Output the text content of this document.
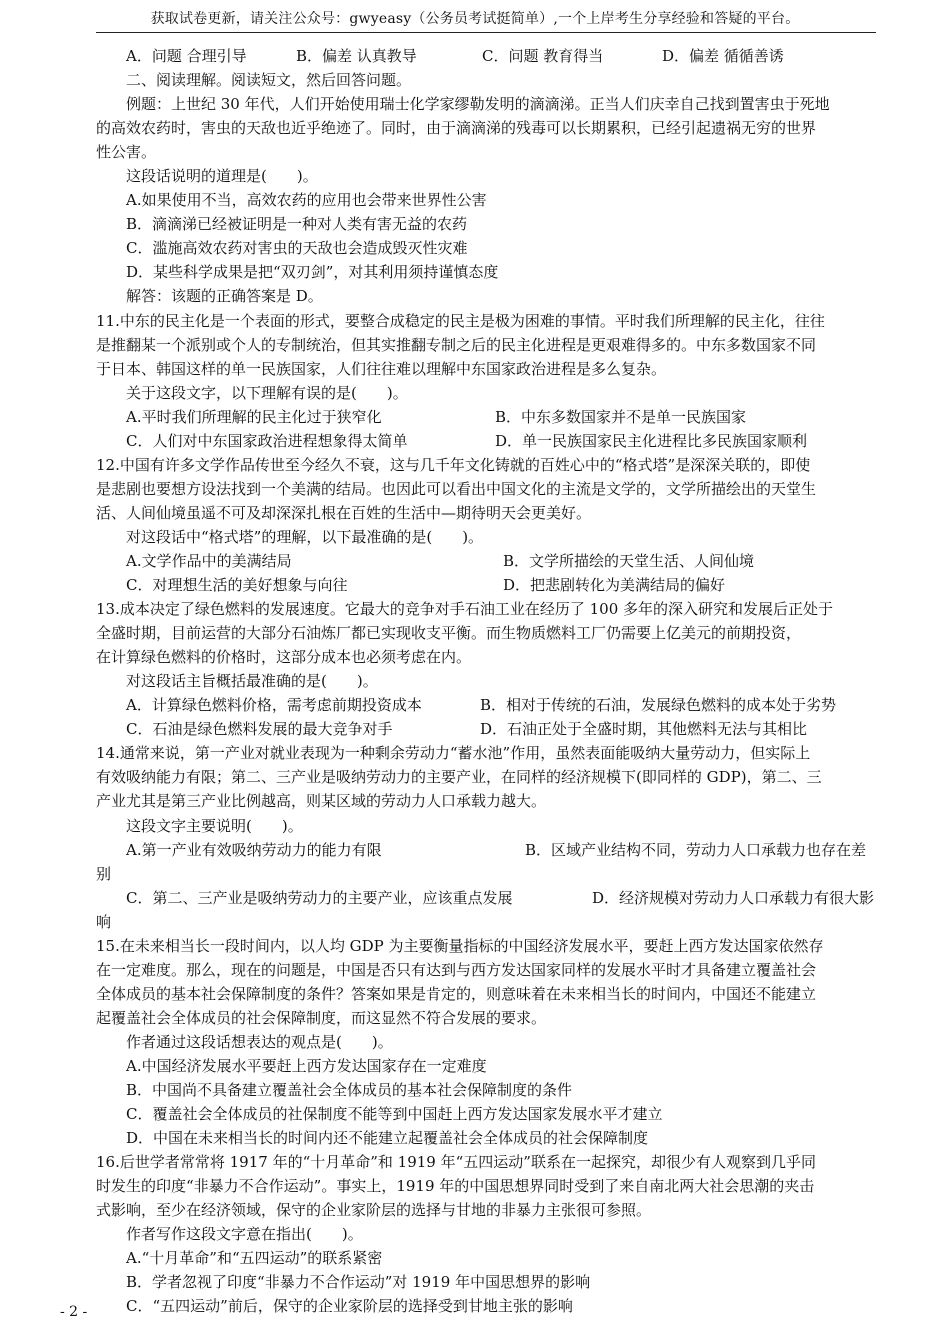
获取试卷更新，请关注公众号：gwyeasy（公务员考试挺简单）,一个上岸考生分享经验和答疑的平台。
A．问题 合理引导	B．偏差 认真教导	C．问题 教育得当	D．偏差 循循善诱

二、阅读理解。阅读短文，然后回答问题。

例题：上世纪 30 年代，人们开始使用瑞士化学家缪勒发明的滴滴涕。正当人们庆幸自己找到置害虫于死地

的高效农药时，害虫的天敌也近乎绝迹了。同时，由于滴滴涕的残毒可以长期累积，已经引起遗祸无穷的世界

性公害。

这段话说明的道理是(　　)。

A.如果使用不当，高效农药的应用也会带来世界性公害

B．滴滴涕已经被证明是一种对人类有害无益的农药

C．滥施高效农药对害虫的天敌也会造成毁灭性灾难

D．某些科学成果是把“双刃剑”，对其利用须持谨慎态度

解答：该题的正确答案是 D。

11.中东的民主化是一个表面的形式，要整合成稳定的民主是极为困难的事情。平时我们所理解的民主化，往往

是推翻某一个派别或个人的专制统治，但其实推翻专制之后的民主化进程是更艰难得多的。中东多数国家不同

于日本、韩国这样的单一民族国家，人们往往难以理解中东国家政治进程是多么复杂。

关于这段文字，以下理解有误的是(　　)。

A.平时我们所理解的民主化过于狭窄化	B．中东多数国家并不是单一民族国家
C．人们对中东国家政治进程想象得太简单	D．单一民族国家民主化进程比多民族国家顺利

12.中国有许多文学作品传世至今经久不衰，这与几千年文化铸就的百姓心中的“格式塔”是深深关联的，即使

是悲剧也要想方设法找到一个美满的结局。也因此可以看出中国文化的主流是文学的，文学所描绘出的天堂生

活、人间仙境虽遥不可及却深深扎根在百姓的生活中—期待明天会更美好。

对这段话中“格式塔”的理解，以下最准确的是(　　)。

A.文学作品中的美满结局	B．文学所描绘的天堂生活、人间仙境
C．对理想生活的美好想象与向往	D．把悲剧转化为美满结局的偏好

13.成本决定了绿色燃料的发展速度。它最大的竞争对手石油工业在经历了 100 多年的深入研究和发展后正处于

全盛时期，目前运营的大部分石油炼厂都已实现收支平衡。而生物质燃料工厂仍需要上亿美元的前期投资，

在计算绿色燃料的价格时，这部分成本也必须考虑在内。

对这段话主旨概括最准确的是(　　)。

A．计算绿色燃料价格，需考虑前期投资成本	B．相对于传统的石油，发展绿色燃料的成本处于劣势
C．石油是绿色燃料发展的最大竞争对手	D．石油正处于全盛时期，其他燃料无法与其相比

14.通常来说，第一产业对就业表现为一种剩余劳动力“蓄水池”作用，虽然表面能吸纳大量劳动力，但实际上

有效吸纳能力有限；第二、三产业是吸纳劳动力的主要产业，在同样的经济规模下(即同样的 GDP)，第二、三

产业尤其是第三产业比例越高，则某区域的劳动力人口承载力越大。

这段文字主要说明(　　)。

A.第一产业有效吸纳劳动力的能力有限	B．区域产业结构不同，劳动力人口承载力也存在差

别

C．第二、三产业是吸纳劳动力的主要产业，应该重点发展	D．经济规模对劳动力人口承载力有很大影

响

15.在未来相当长一段时间内，以人均 GDP 为主要衡量指标的中国经济发展水平，要赶上西方发达国家依然存

在一定难度。那么，现在的问题是，中国是否只有达到与西方发达国家同样的发展水平时才具备建立覆盖社会

全体成员的基本社会保障制度的条件？答案如果是肯定的，则意味着在未来相当长的时间内，中国还不能建立

起覆盖社会全体成员的社会保障制度，而这显然不符合发展的要求。

作者通过这段话想表达的观点是(　　)。

A.中国经济发展水平要赶上西方发达国家存在一定难度

B．中国尚不具备建立覆盖社会全体成员的基本社会保障制度的条件

C．覆盖社会全体成员的社保制度不能等到中国赶上西方发达国家发展水平才建立

D．中国在未来相当长的时间内还不能建立起覆盖社会全体成员的社会保障制度

16.后世学者常常将 1917 年的“十月革命”和 1919 年“五四运动”联系在一起探究，却很少有人观察到几乎同

时发生的印度“非暴力不合作运动”。事实上，1919 年的中国思想界同时受到了来自南北两大社会思潮的夹击

式影响，至少在经济领域，保守的企业家阶层的选择与甘地的非暴力主张很可参照。

作者写作这段文字意在指出(　　)。

A.“十月革命”和“五四运动”的联系紧密

B．学者忽视了印度“非暴力不合作运动”对 1919 年中国思想界的影响

C．“五四运动”前后，保守的企业家阶层的选择受到甘地主张的影响

- 2 -
